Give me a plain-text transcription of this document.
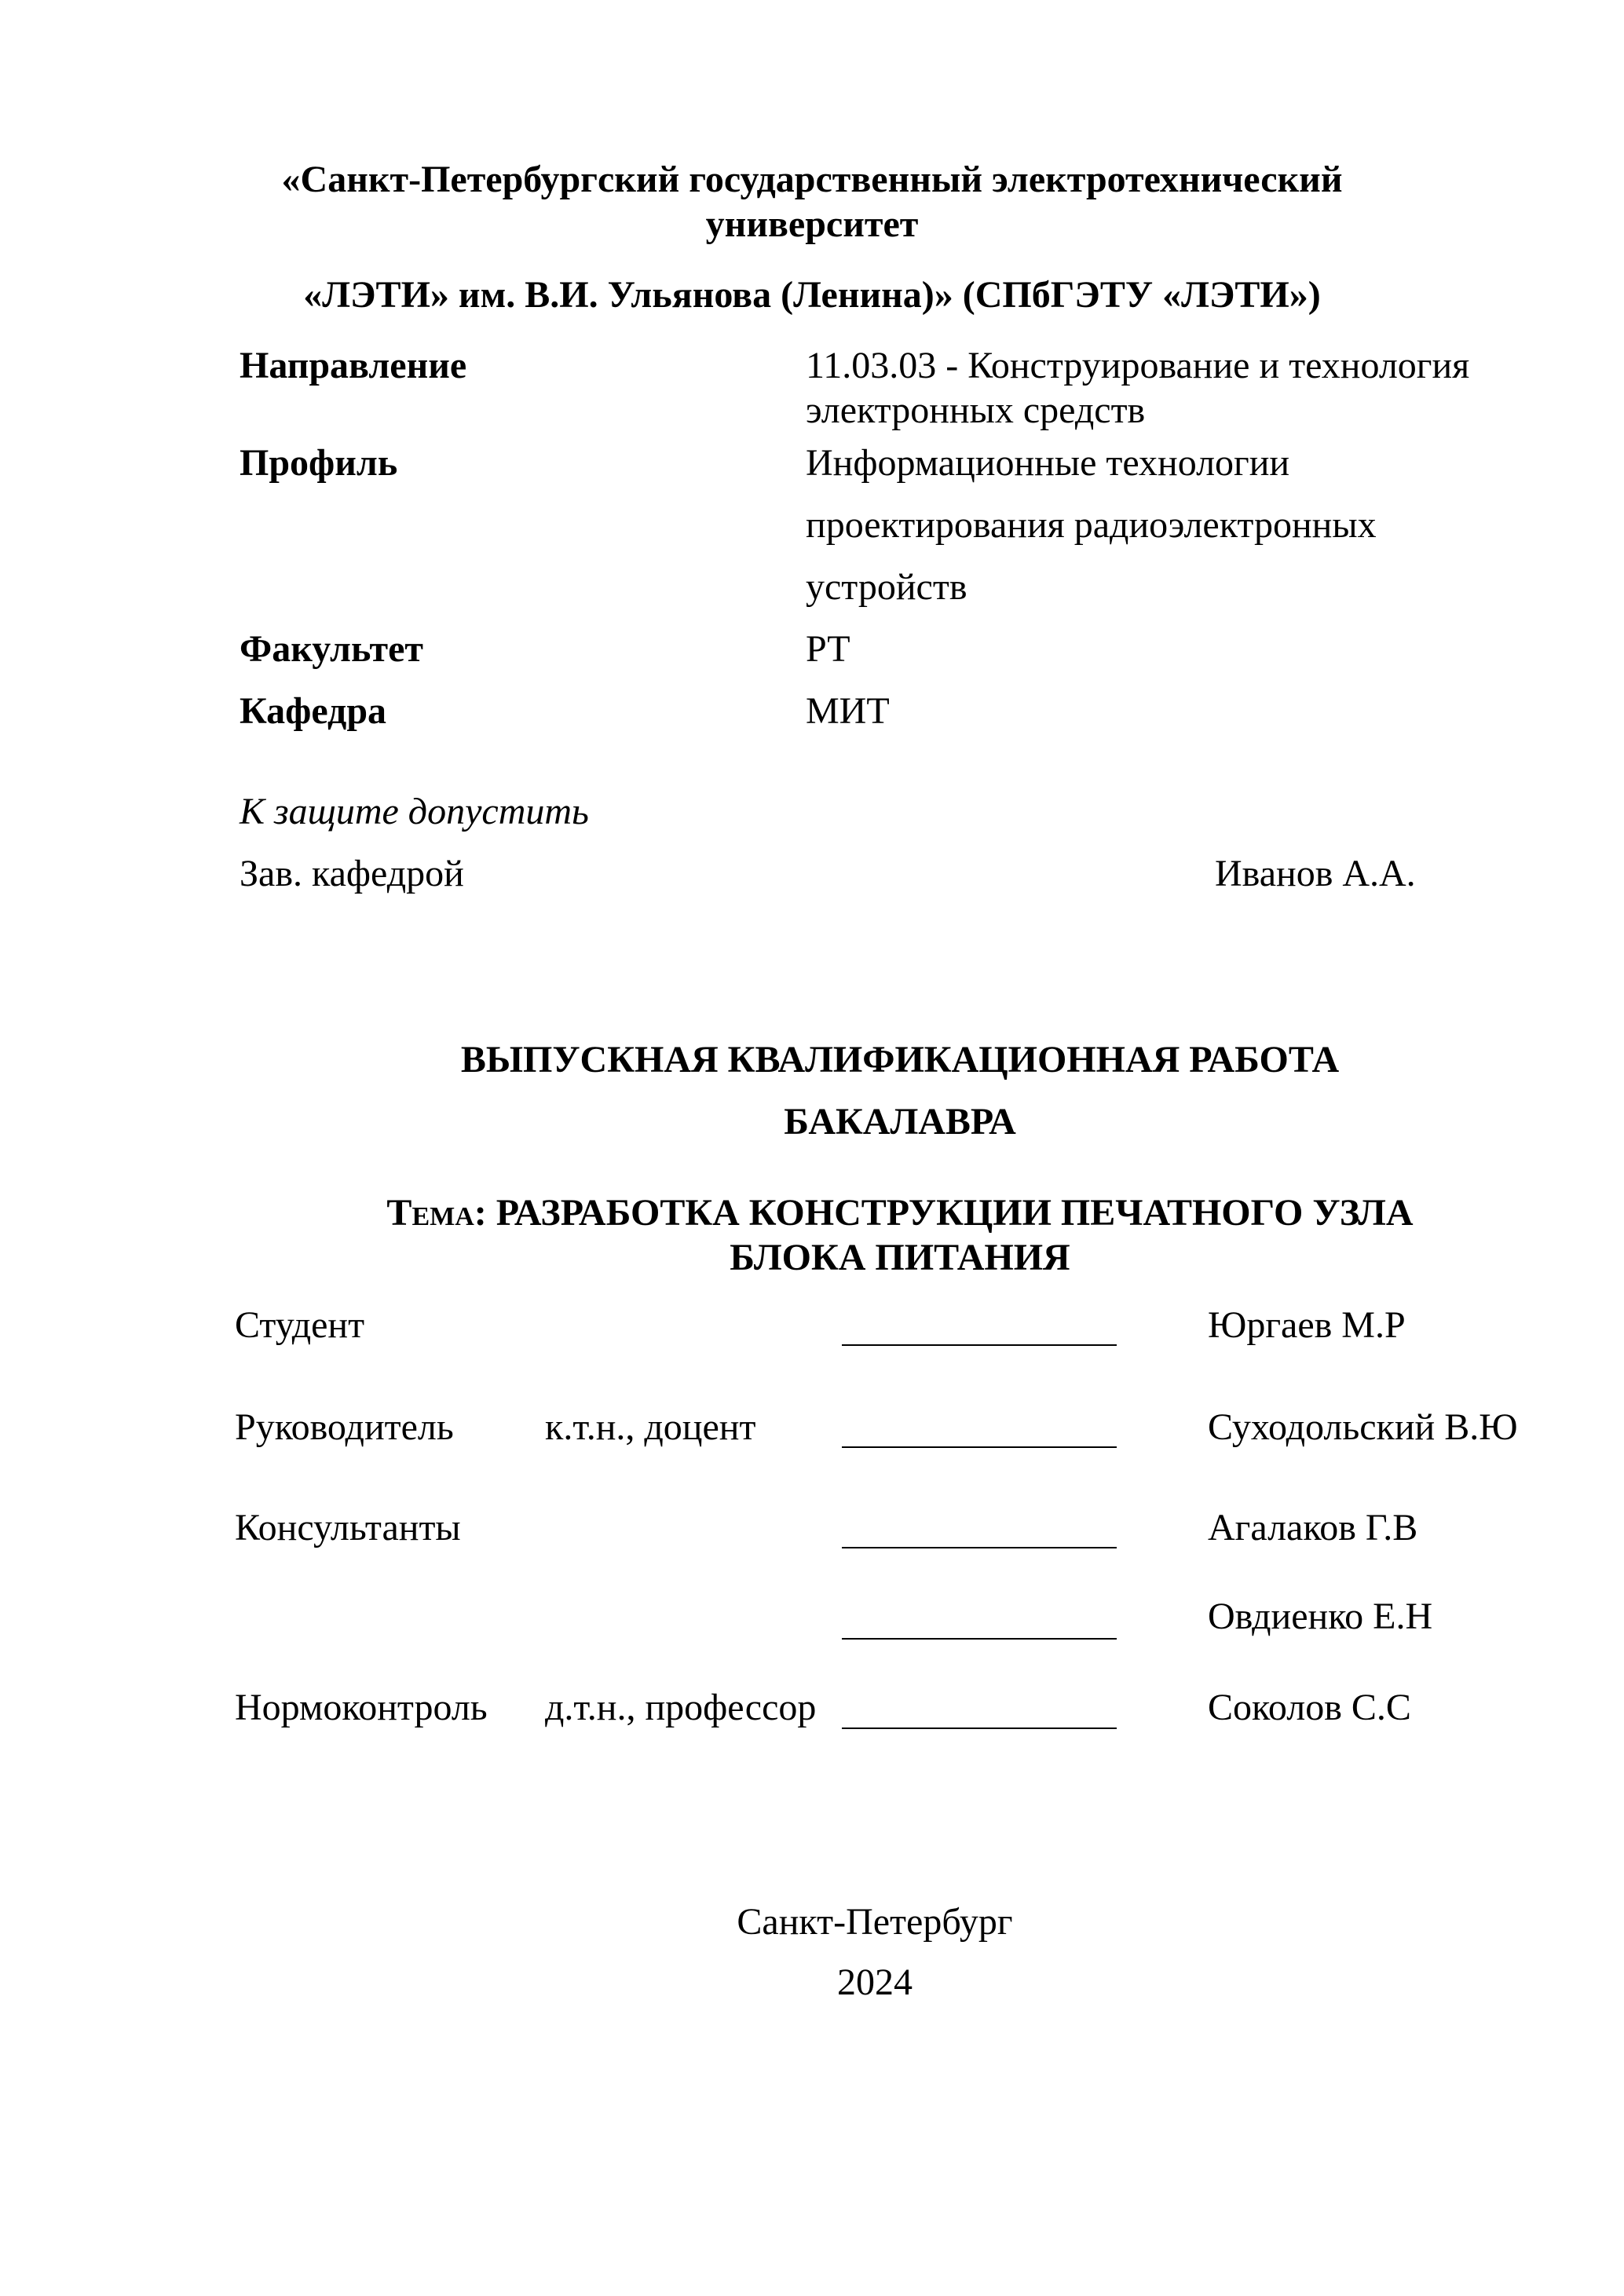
«Санкт-Петербургский государственный электротехнический
университет
«ЛЭТИ» им. В.И. Ульянова (Ленина)» (СПбГЭТУ «ЛЭТИ»)
Направление	11.03.03 - Конструирование и технология
электронных средств
Профиль	Информационные технологии
проектирования радиоэлектронных
устройств
Факультет	РТ
Кафедра	МИТ
К защите допустить
Зав. кафедрой	Иванов А.А.
ВЫПУСКНАЯ КВАЛИФИКАЦИОННАЯ РАБОТА
БАКАЛАВРА
Тема: РАЗРАБОТКА КОНСТРУКЦИИ ПЕЧАТНОГО УЗЛА
БЛОКА ПИТАНИЯ
Студент	Юргаев М.Р
Руководитель к.т.н., доцент	Суходольский В.Ю
Консультанты	Агалаков Г.В
Овдиенко Е.Н
Нормоконтроль д.т.н., профессор	Соколов С.С
Санкт-Петербург
2024
